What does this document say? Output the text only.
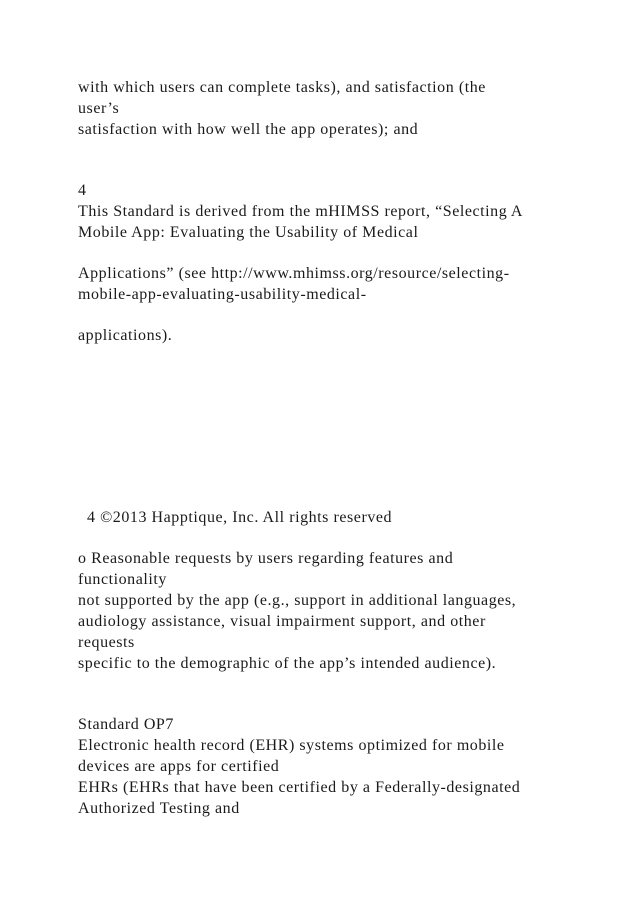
with which users can complete tasks), and satisfaction (the
user’s
satisfaction with how well the app operates); and
4
This Standard is derived from the mHIMSS report, “Selecting A
Mobile App: Evaluating the Usability of Medical
Applications” (see http://www.mhimss.org/resource/selecting-
mobile-app-evaluating-usability-medical-
applications).
4 ©2013 Happtique, Inc. All rights reserved
o Reasonable requests by users regarding features and
functionality
not supported by the app (e.g., support in additional languages,
audiology assistance, visual impairment support, and other
requests
specific to the demographic of the app’s intended audience).
Standard OP7
Electronic health record (EHR) systems optimized for mobile
devices are apps for certified
EHRs (EHRs that have been certified by a Federally-designated
Authorized Testing and
